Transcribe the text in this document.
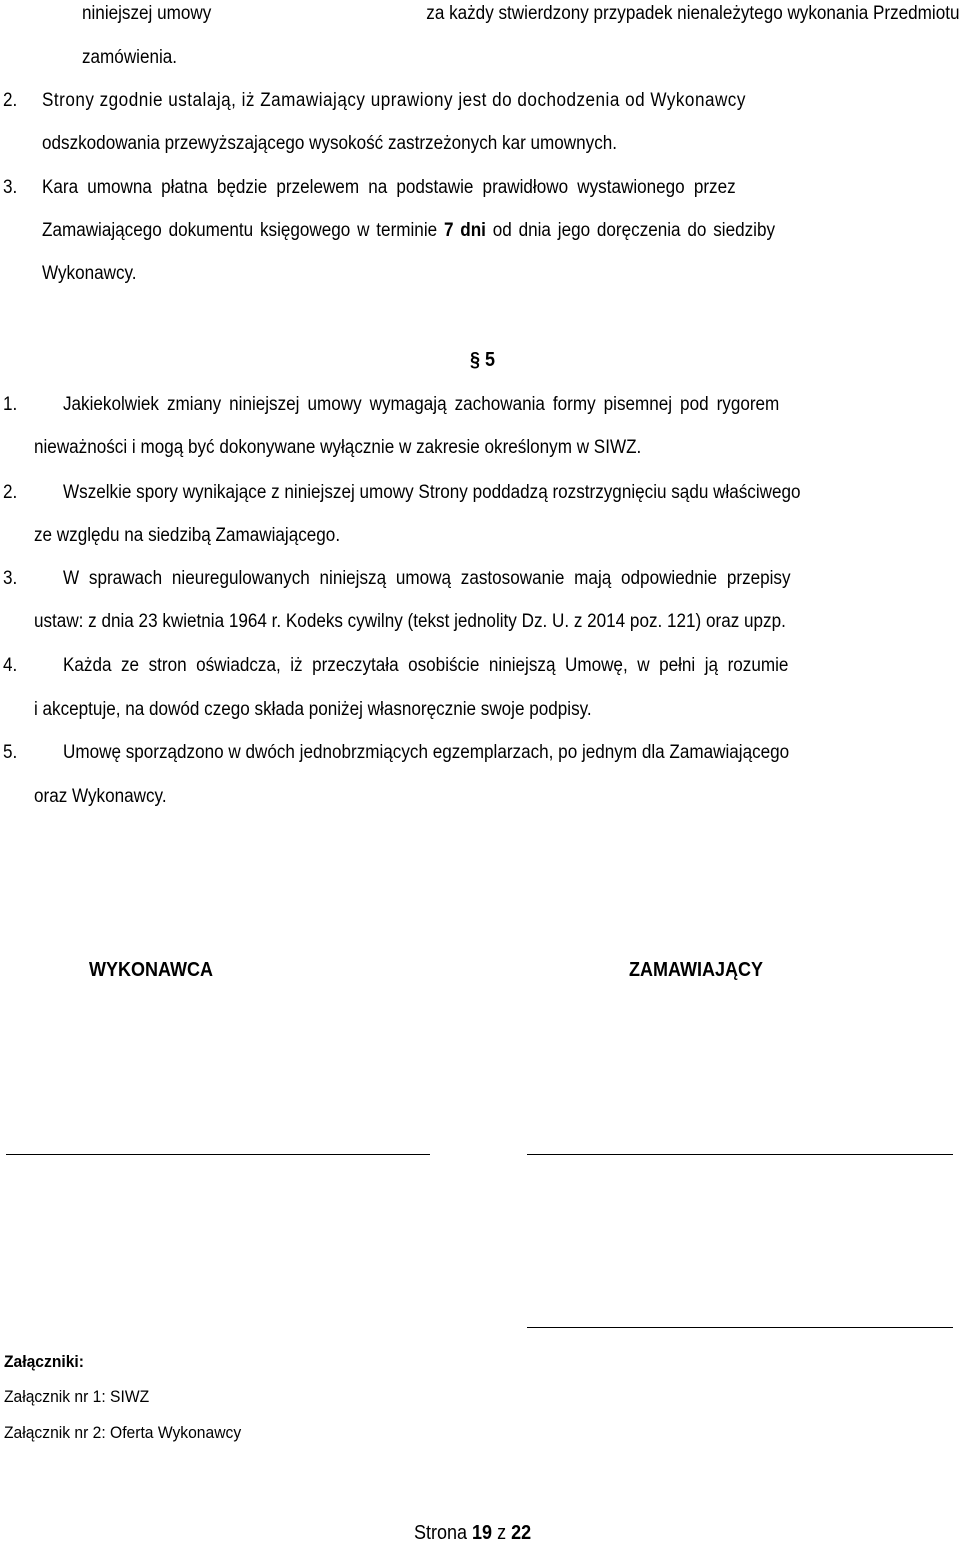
niniejszej umowy	za każdy stwierdzony przypadek nienależytego wykonania Przedmiotu
zamówienia.
2. Strony zgodnie ustalają, iż Zamawiający uprawiony jest do dochodzenia od Wykonawcy
odszkodowania przewyższającego wysokość zastrzeżonych kar umownych.
3. Kara umowna płatna będzie przelewem na podstawie prawidłowo wystawionego przez
Zamawiającego dokumentu księgowego w terminie 7 dni od dnia jego doręczenia do siedziby
Wykonawcy.
§ 5
1. Jakiekolwiek zmiany niniejszej umowy wymagają zachowania formy pisemnej pod rygorem
nieważności i mogą być dokonywane wyłącznie w zakresie określonym w SIWZ.
2. Wszelkie spory wynikające z niniejszej umowy Strony poddadzą rozstrzygnięciu sądu właściwego
ze względu na siedzibą Zamawiającego.
3. W sprawach nieuregulowanych niniejszą umową zastosowanie mają odpowiednie przepisy
ustaw: z dnia 23 kwietnia 1964 r. Kodeks cywilny (tekst jednolity Dz. U. z 2014 poz. 121) oraz upzp.
4. Każda ze stron oświadcza, iż przeczytała osobiście niniejszą Umowę, w pełni ją rozumie
i akceptuje, na dowód czego składa poniżej własnoręcznie swoje podpisy.
5. Umowę sporządzono w dwóch jednobrzmiących egzemplarzach, po jednym dla Zamawiającego
oraz Wykonawcy.
WYKONAWCA	ZAMAWIAJĄCY
Załączniki:
Załącznik nr 1: SIWZ
Załącznik nr 2: Oferta Wykonawcy
Strona 19 z 22
